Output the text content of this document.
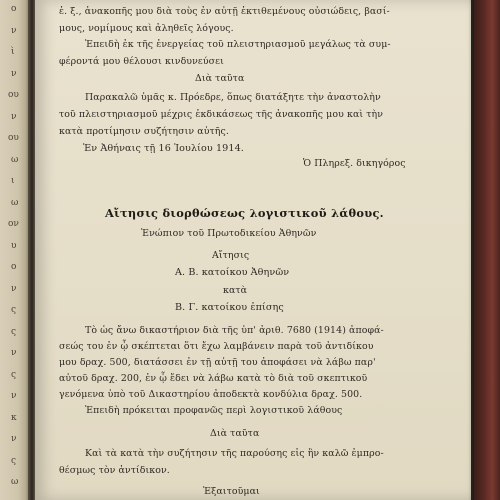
ο
ν
ὶ
ν
ου
ν
ου
ω
ι
ω
ον
υ
ο
ν
ς
ς
ν
ς
ν
κ
ν
ς
ω
ἐ. ξ., ἀνακοπῆς μου διὰ τοὺς ἐν αὐτῇ ἐκτιθεμένους οὐσιώδεις, βασί-
μους, νομίμους καὶ ἀληθεῖς λόγους.
Ἐπειδὴ ἐκ τῆς ἐνεργείας τοῦ πλειστηριασμοῦ μεγάλως τὰ συμ-
φέροντά μου θέλουσι κινδυνεύσει
Διὰ ταῦτα
Παρακαλῶ ὑμᾶς κ. Πρόεδρε, ὅπως διατάξητε τὴν ἀναστολὴν
τοῦ πλειστηριασμοῦ μέχρις ἐκδικάσεως τῆς ἀνακοπῆς μου καὶ τὴν
κατὰ προτίμησιν συζήτησιν αὐτῆς.
Ἐν Ἀθήναις τῇ 16 Ἰουλίου 1914.
Ὁ Πληρεξ. δικηγόρος
Αἴτησις διορθώσεως λογιστικοῦ λάθους.
Ἐνώπιον τοῦ Πρωτοδικείου Ἀθηνῶν
Αἴτησις
Α. Β. κατοίκου Ἀθηνῶν
κατὰ
Β. Γ. κατοίκου ἐπίσης
Τὸ ὡς ἄνω δικαστήριον διὰ τῆς ὑπ' ἀριθ. 7680 (1914) ἀποφά-
σεώς του ἐν ᾧ σκέπτεται ὅτι ἔχω λαμβάνειν παρὰ τοῦ ἀντιδίκου
μου δραχ. 500, διατάσσει ἐν τῇ αὐτῇ του ἀποφάσει νὰ λάβω παρ'
αὐτοῦ δραχ. 200, ἐν ᾧ ἔδει νὰ λάβω κατὰ τὸ διὰ τοῦ σκεπτικοῦ
γενόμενα ὑπὸ τοῦ Δικαστηρίου ἀποδεκτὰ κονδύλια δραχ. 500.
Ἐπειδὴ πρόκειται προφανῶς περὶ λογιστικοῦ λάθους
Διὰ ταῦτα
Καὶ τὰ κατὰ τὴν συζήτησιν τῆς παρούσης εἰς ἣν καλῶ ἐμπρο-
θέσμως τὸν ἀντίδικον.
Ἐξαιτοῦμαι
